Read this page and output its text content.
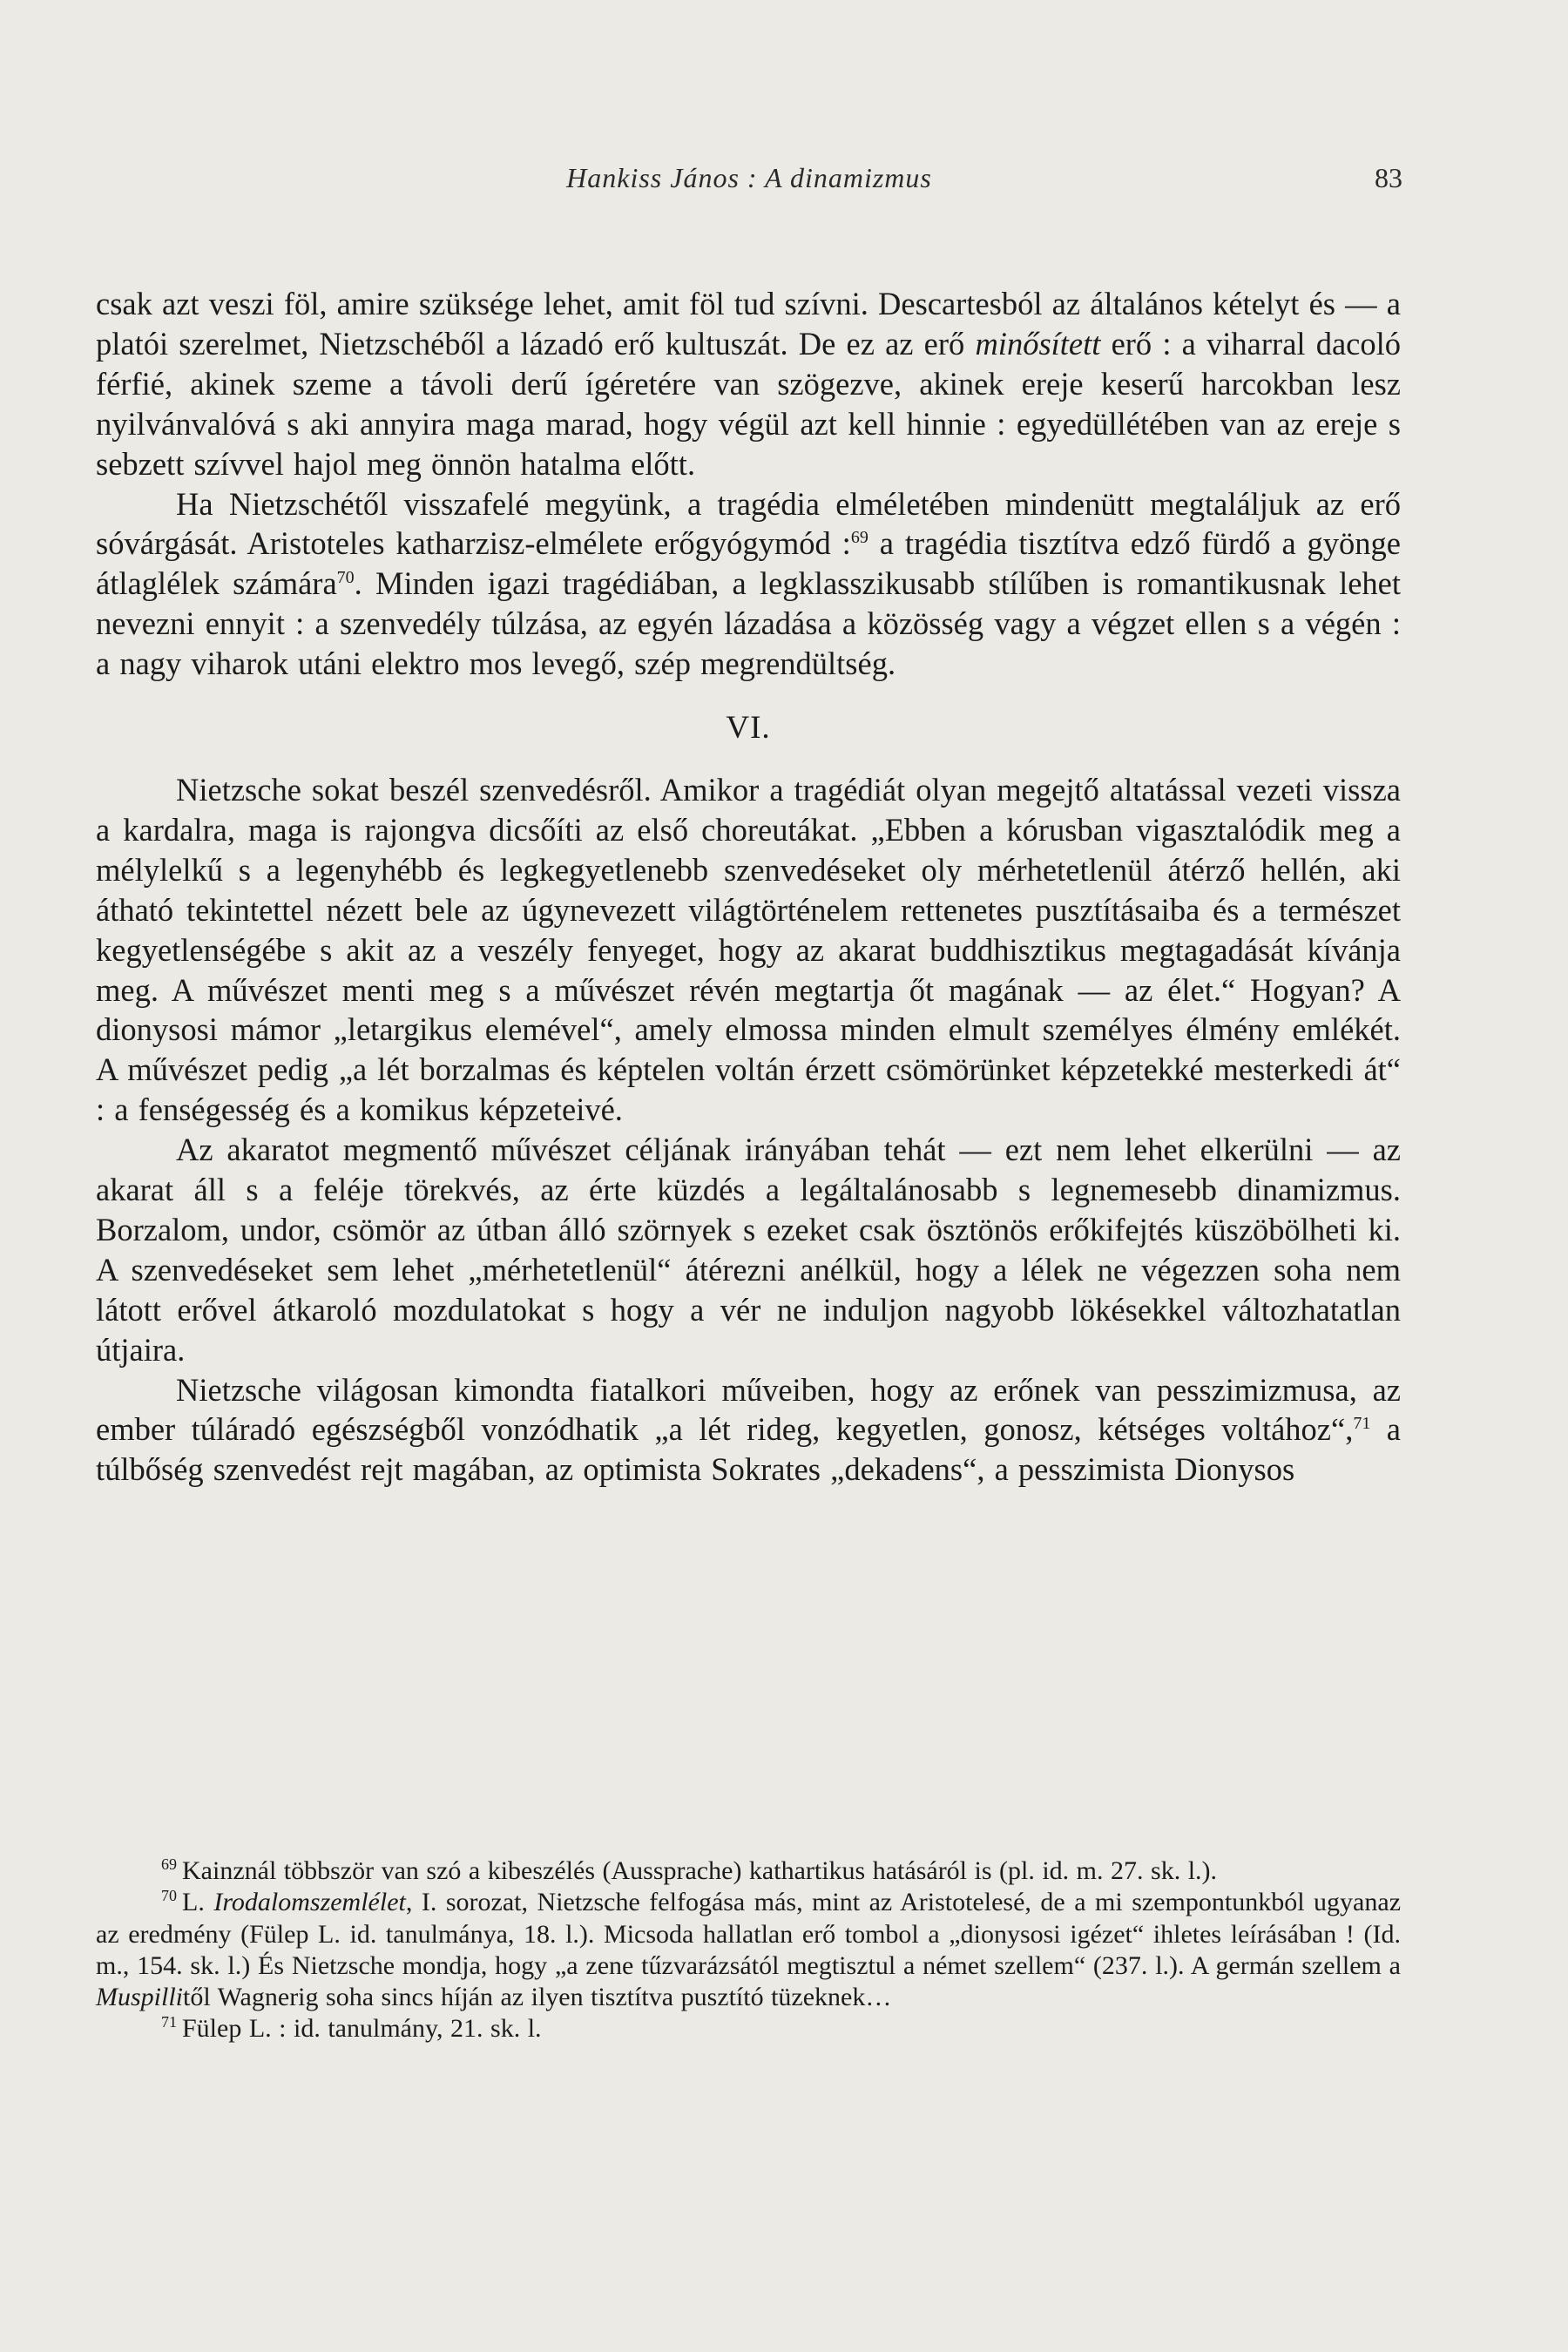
Hankiss János : A dinamizmus	83

csak azt veszi föl, amire szüksége lehet, amit föl tud szívni. Descartesból az általános kételyt és — a platói szerelmet, Nietzschéből a lázadó erő kultuszát. De ez az erő minősített erő : a viharral dacoló férfié, akinek szeme a távoli derű ígéretére van szögezve, akinek ereje keserű harcokban lesz nyilvánvalóvá s aki annyira maga marad, hogy végül azt kell hinnie : egyedüllétében van az ereje s sebzett szívvel hajol meg önnön hatalma előtt.

Ha Nietzschétől visszafelé megyünk, a tragédia elméletében mindenütt megtaláljuk az erő sóvárgását. Aristoteles katharzisz-elmélete erőgyógymód :$^{69}$ a tragédia tisztítva edző fürdő a gyönge átlaglélek számára$^{70}$. Minden igazi tragédiában, a legklasszikusabb stílűben is romantikusnak lehet nevezni ennyit : a szenvedély túlzása, az egyén lázadása a közösség vagy a végzet ellen s a végén : a nagy viharok utáni elektro mos levegő, szép megrendültség.

VI.

Nietzsche sokat beszél szenvedésről. Amikor a tragédiát olyan megejtő altatással vezeti vissza a kardalra, maga is rajongva dicsőíti az első choreutákat. „Ebben a kórusban vigasztalódik meg a mélylelkű s a legenyhébb és legkegyetlenebb szenvedéseket oly mérhetetlenül átérző hellén, aki átható tekintettel nézett bele az úgynevezett világtörténelem rettenetes pusztításaiba és a természet kegyetlenségébe s akit az a veszély fenyeget, hogy az akarat buddhisztikus megtagadását kívánja meg. A művészet menti meg s a művészet révén megtartja őt magának — az élet.“ Hogyan? A dionysosi mámor „letargikus elemével“, amely elmossa minden elmult személyes élmény emlékét. A művészet pedig „a lét borzalmas és képtelen voltán érzett csömörünket képzetekké mesterkedi át“ : a fenségesség és a komikus képzeteivé.

Az akaratot megmentő művészet céljának irányában tehát — ezt nem lehet elkerülni — az akarat áll s a feléje törekvés, az érte küzdés a legáltalánosabb s legnemesebb dinamizmus. Borzalom, undor, csömör az útban álló szörnyek s ezeket csak ösztönös erőkifejtés küszöbölheti ki. A szenvedéseket sem lehet „mérhetetlenül“ átérezni anélkül, hogy a lélek ne végezzen soha nem látott erővel átkaroló mozdulatokat s hogy a vér ne induljon nagyobb lökésekkel változhatatlan útjaira.

Nietzsche világosan kimondta fiatalkori műveiben, hogy az erőnek van pesszimizmusa, az ember túláradó egészségből vonzódhatik „a lét rideg, kegyetlen, gonosz, kétséges voltához“,$^{71}$ a túlbőség szenvedést rejt magában, az optimista Sokrates „dekadens“, a pesszimista Dionysos

$^{69}$ Kainznál többször van szó a kibeszélés (Aussprache) kathartikus hatásáról is (pl. id. m. 27. sk. l.).

$^{70}$ L. Irodalomszemlélet, I. sorozat, Nietzsche felfogása más, mint az Aristotelesé, de a mi szempontunkból ugyanaz az eredmény (Fülep L. id. tanulmánya, 18. l.). Micsoda hallatlan erő tombol a „dionysosi igézet“ ihletes leírásában ! (Id. m., 154. sk. l.) És Nietzsche mondja, hogy „a zene tűzvarázsától megtisztul a német szellem“ (237. l.). A germán szellem a Muspillitől Wagnerig soha sincs híján az ilyen tisztítva pusztító tüzeknek…

$^{71}$ Fülep L. : id. tanulmány, 21. sk. l.
